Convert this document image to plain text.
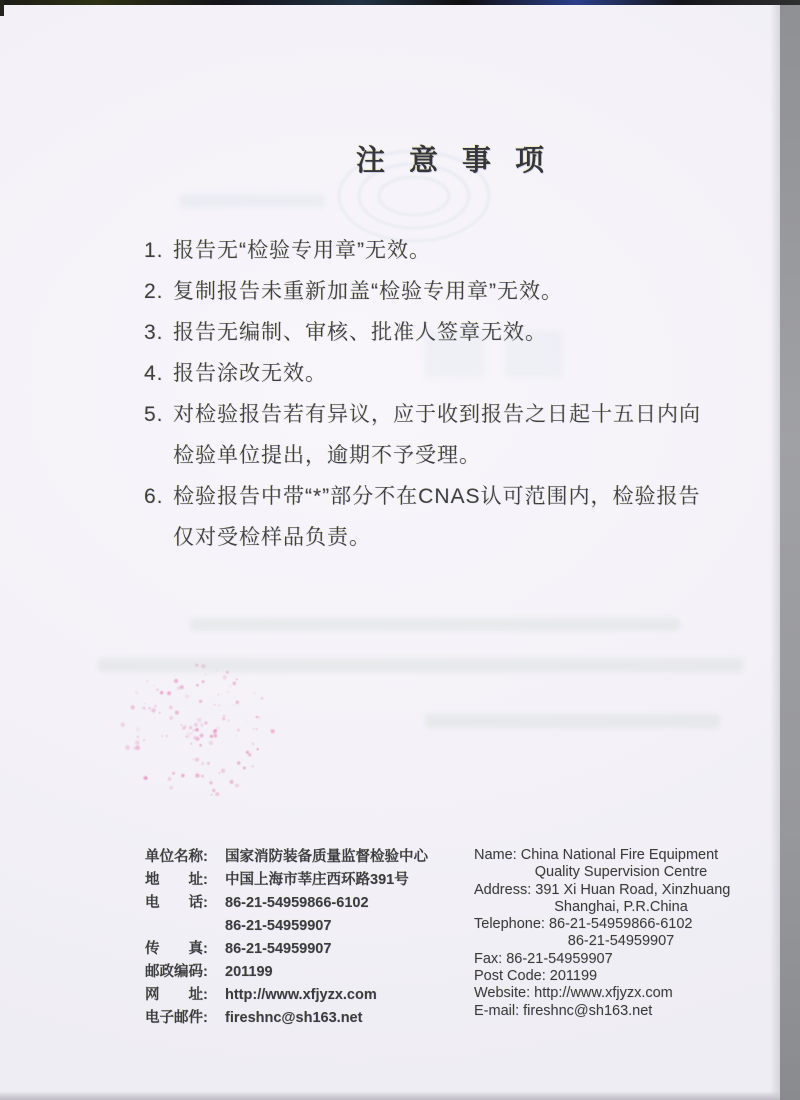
注意事项
1. 报告无“检验专用章”无效。
2. 复制报告未重新加盖“检验专用章”无效。
3. 报告无编制、审核、批准人签章无效。
4. 报告涂改无效。
5. 对检验报告若有异议，应于收到报告之日起十五日内向检验单位提出，逾期不予受理。
6. 检验报告中带“*”部分不在CNAS认可范围内，检验报告仅对受检样品负责。
单位名称: 国家消防装备质量监督检验中心
地　　址: 中国上海市莘庄西环路391号
电　　话: 86-21-54959866-6102
86-21-54959907
传　　真: 86-21-54959907
邮政编码: 201199
网　　址: http://www.xfjyzx.com
电子邮件: fireshnc@sh163.net
Name: China National Fire Equipment
Quality Supervision Centre
Address: 391 Xi Huan Road, Xinzhuang
Shanghai, P.R.China
Telephone: 86-21-54959866-6102
86-21-54959907
Fax: 86-21-54959907
Post Code: 201199
Website: http://www.xfjyzx.com
E-mail: fireshnc@sh163.net
